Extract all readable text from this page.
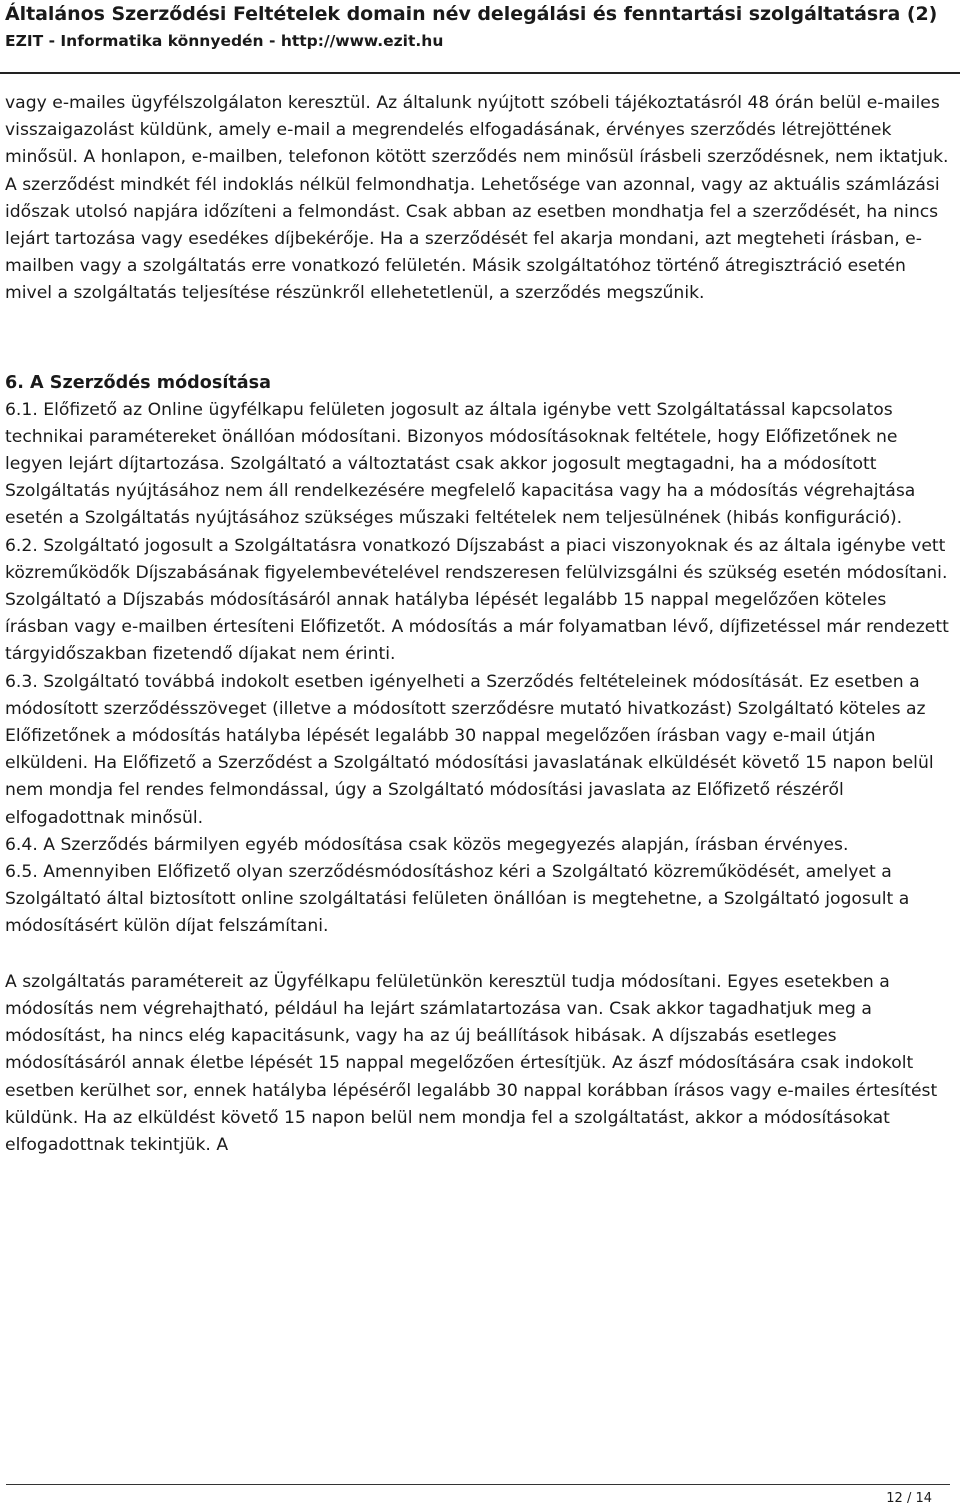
Általános Szerződési Feltételek domain név delegálási és fenntartási szolgáltatásra (2)
EZIT - Informatika könnyedén - http://www.ezit.hu

vagy e-mailes ügyfélszolgálaton keresztül. Az általunk nyújtott szóbeli tájékoztatásról 48 órán belül e-mailes visszaigazolást küldünk, amely e-mail a megrendelés elfogadásának, érvényes szerződés létrejöttének minősül. A honlapon, e-mailben, telefonon kötött szerződés nem minősül írásbeli szerződésnek, nem iktatjuk. A szerződést mindkét fél indoklás nélkül felmondhatja. Lehetősége van azonnal, vagy az aktuális számlázási időszak utolsó napjára időzíteni a felmondást. Csak abban az esetben mondhatja fel a szerződését, ha nincs lejárt tartozása vagy esedékes díjbekérője. Ha a szerződését fel akarja mondani, azt megteheti írásban, e-mailben vagy a szolgáltatás erre vonatkozó felületén. Másik szolgáltatóhoz történő átregisztráció esetén mivel a szolgáltatás teljesítése részünkről ellehetetlenül, a szerződés megszűnik.

6. A Szerződés módosítása

6.1. Előfizető az Online ügyfélkapu felületen jogosult az általa igénybe vett Szolgáltatással kapcsolatos technikai paramétereket önállóan módosítani. Bizonyos módosításoknak feltétele, hogy Előfizetőnek ne legyen lejárt díjtartozása. Szolgáltató a változtatást csak akkor jogosult megtagadni, ha a módosított Szolgáltatás nyújtásához nem áll rendelkezésére megfelelő kapacitása vagy ha a módosítás végrehajtása esetén a Szolgáltatás nyújtásához szükséges műszaki feltételek nem teljesülnének (hibás konfiguráció).

6.2. Szolgáltató jogosult a Szolgáltatásra vonatkozó Díjszabást a piaci viszonyoknak és az általa igénybe vett közreműködők Díjszabásának figyelembevételével rendszeresen felülvizsgálni és szükség esetén módosítani. Szolgáltató a Díjszabás módosításáról annak hatályba lépését legalább 15 nappal megelőzően köteles írásban vagy e-mailben értesíteni Előfizetőt. A módosítás a már folyamatban lévő, díjfizetéssel már rendezett tárgyidőszakban fizetendő díjakat nem érinti.

6.3. Szolgáltató továbbá indokolt esetben igényelheti a Szerződés feltételeinek módosítását. Ez esetben a módosított szerződésszöveget (illetve a módosított szerződésre mutató hivatkozást) Szolgáltató köteles az Előfizetőnek a módosítás hatályba lépését legalább 30 nappal megelőzően írásban vagy e-mail útján elküldeni. Ha Előfizető a Szerződést a Szolgáltató módosítási javaslatának elküldését követő 15 napon belül nem mondja fel rendes felmondással, úgy a Szolgáltató módosítási javaslata az Előfizető részéről elfogadottnak minősül.

6.4. A Szerződés bármilyen egyéb módosítása csak közös megegyezés alapján, írásban érvényes.

6.5. Amennyiben Előfizető olyan szerződésmódosításhoz kéri a Szolgáltató közreműködését, amelyet a Szolgáltató által biztosított online szolgáltatási felületen önállóan is megtehetne, a Szolgáltató jogosult a módosításért külön díjat felszámítani.

A szolgáltatás paramétereit az Ügyfélkapu felületünkön keresztül tudja módosítani. Egyes esetekben a módosítás nem végrehajtható, például ha lejárt számlatartozása van. Csak akkor tagadhatjuk meg a módosítást, ha nincs elég kapacitásunk, vagy ha az új beállítások hibásak. A díjszabás esetleges módosításáról annak életbe lépését 15 nappal megelőzően értesítjük. Az ászf módosítására csak indokolt esetben kerülhet sor, ennek hatályba lépéséről legalább 30 nappal korábban írásos vagy e-mailes értesítést küldünk. Ha az elküldést követő 15 napon belül nem mondja fel a szolgáltatást, akkor a módosításokat elfogadottnak tekintjük. A

12 / 14
